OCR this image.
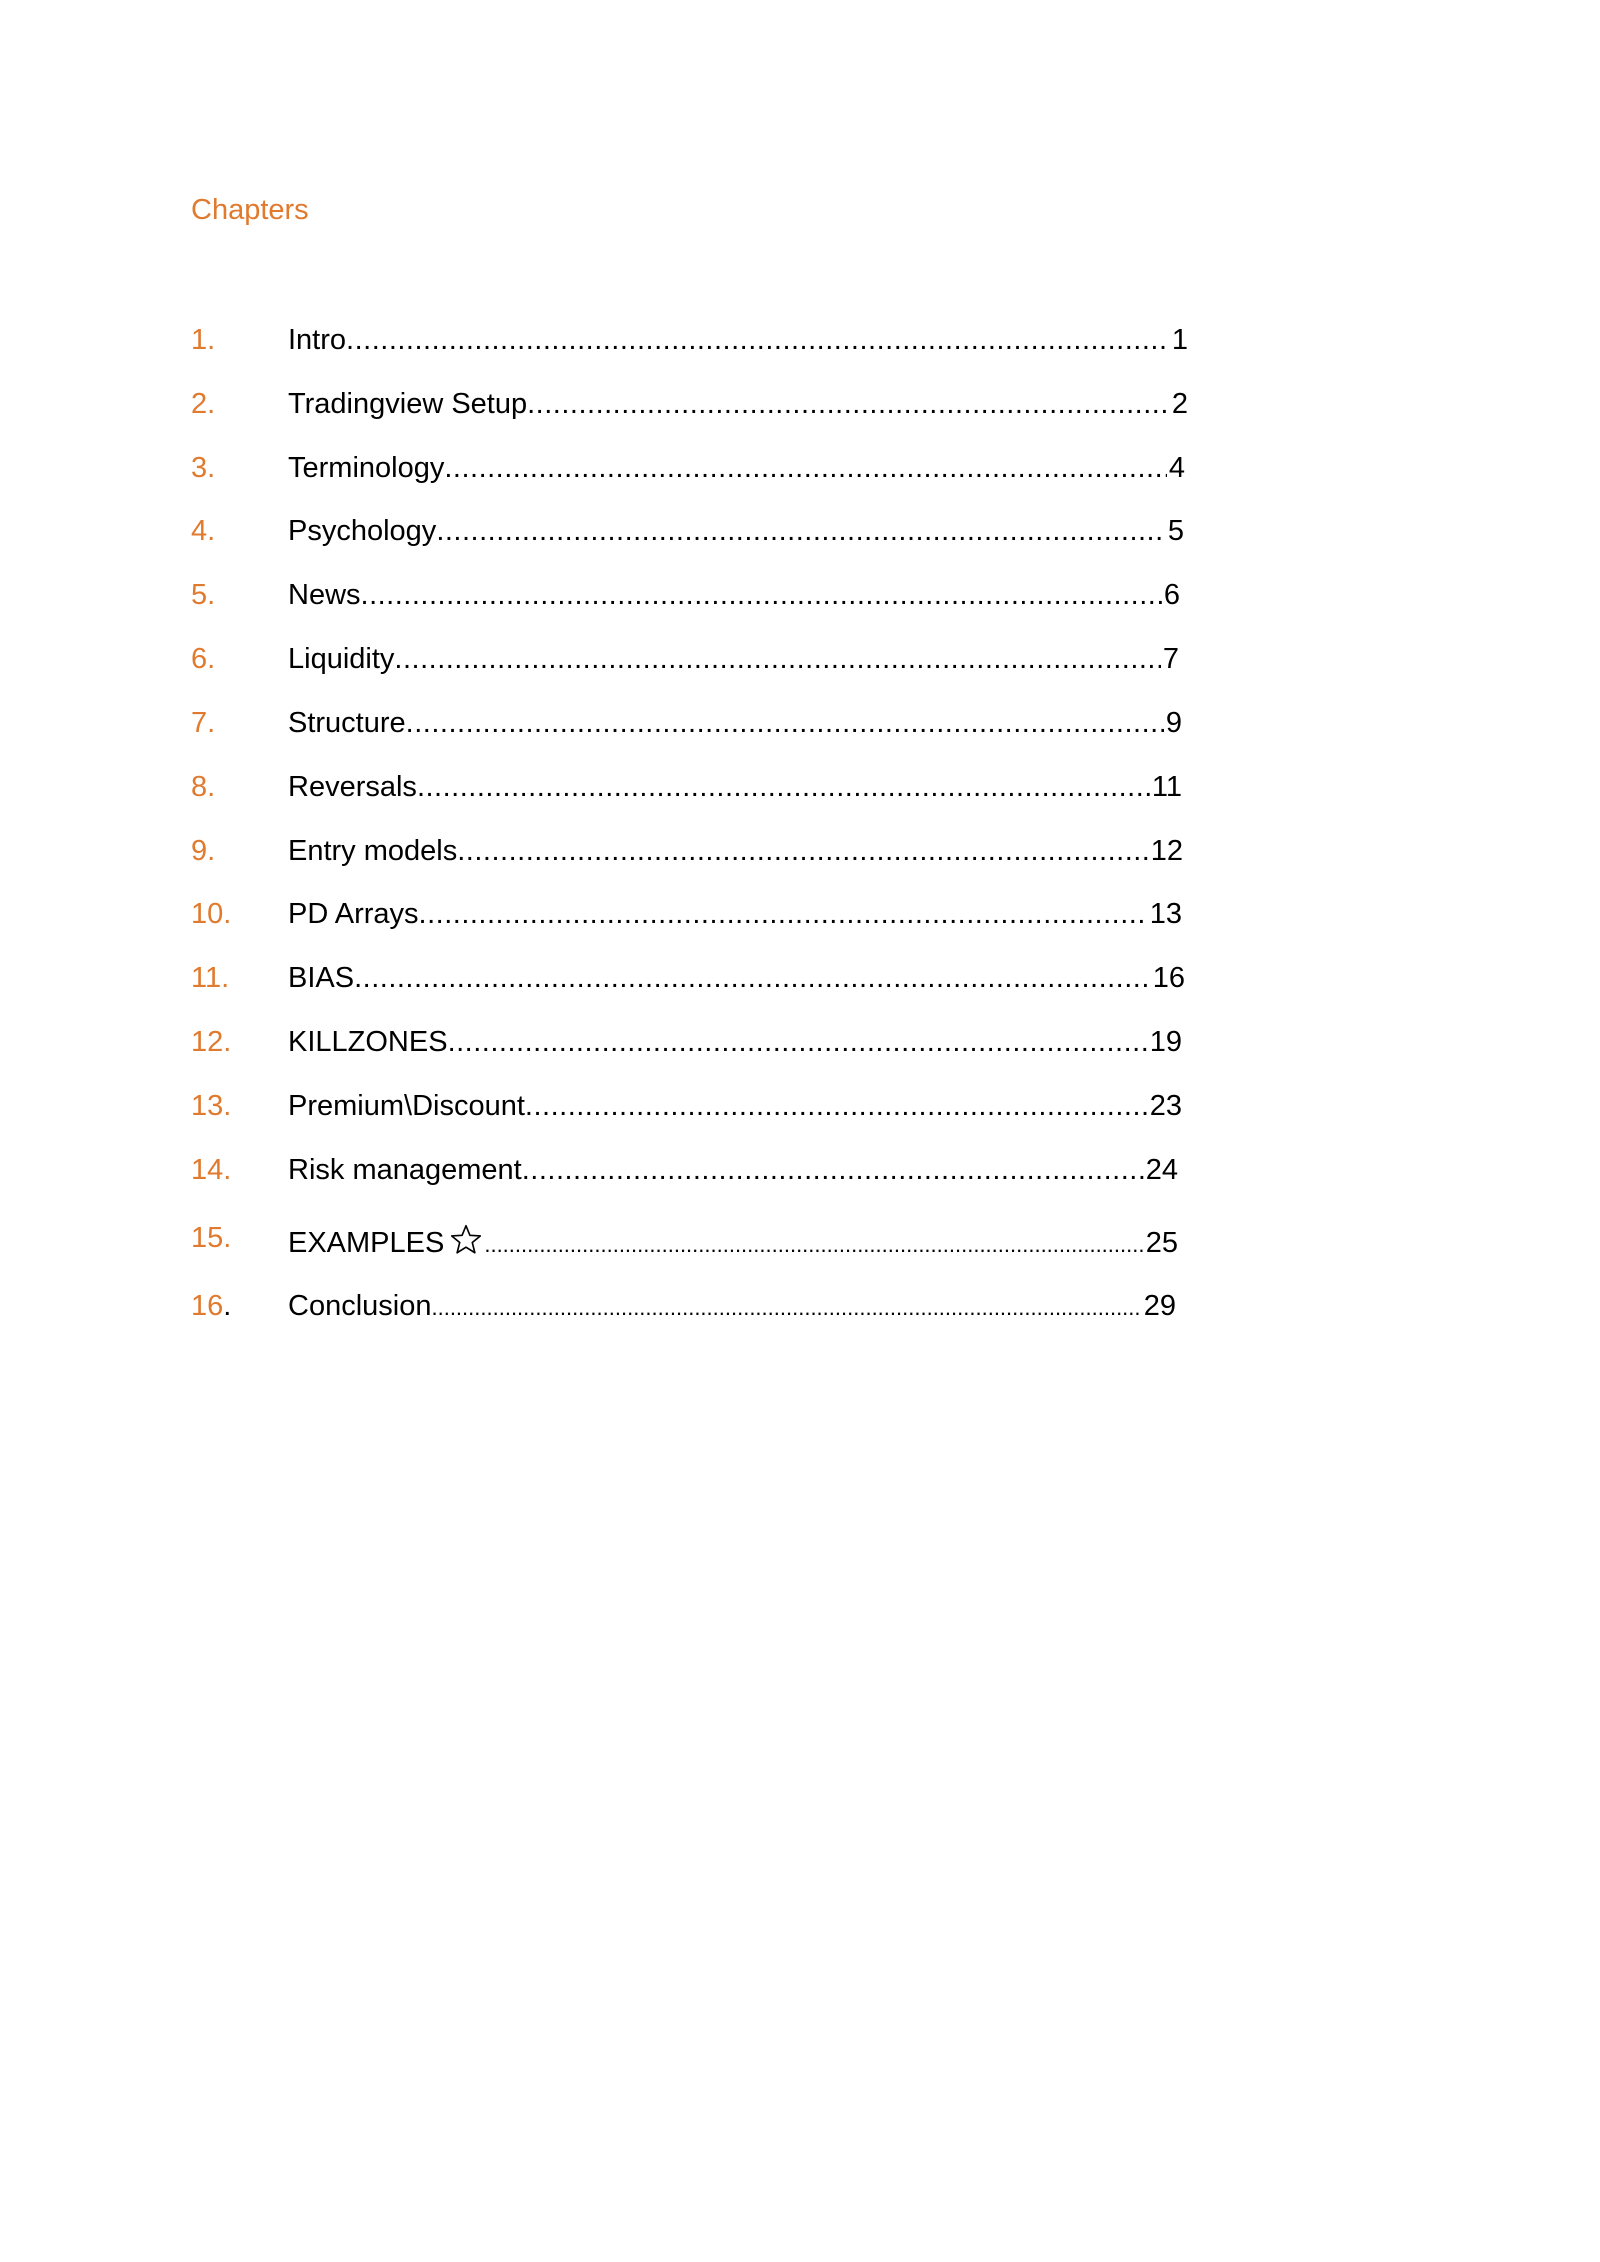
Chapters
1.	Intro .....	1
2.	Tradingview Setup .....	2
3.	Terminology .....	4
4.	Psychology .....	5
5.	News .....	6
6.	Liquidity .....	7
7.	Structure .....	9
8.	Reversals .....	11
9.	Entry models .....	12
10.	PD Arrays .....	13
11.	BIAS .....	16
12.	KILLZONES .....	19
13.	Premium\Discount .....	23
14.	Risk management .....	24
15.	EXAMPLES .....	25
16.	Conclusion .....	29
